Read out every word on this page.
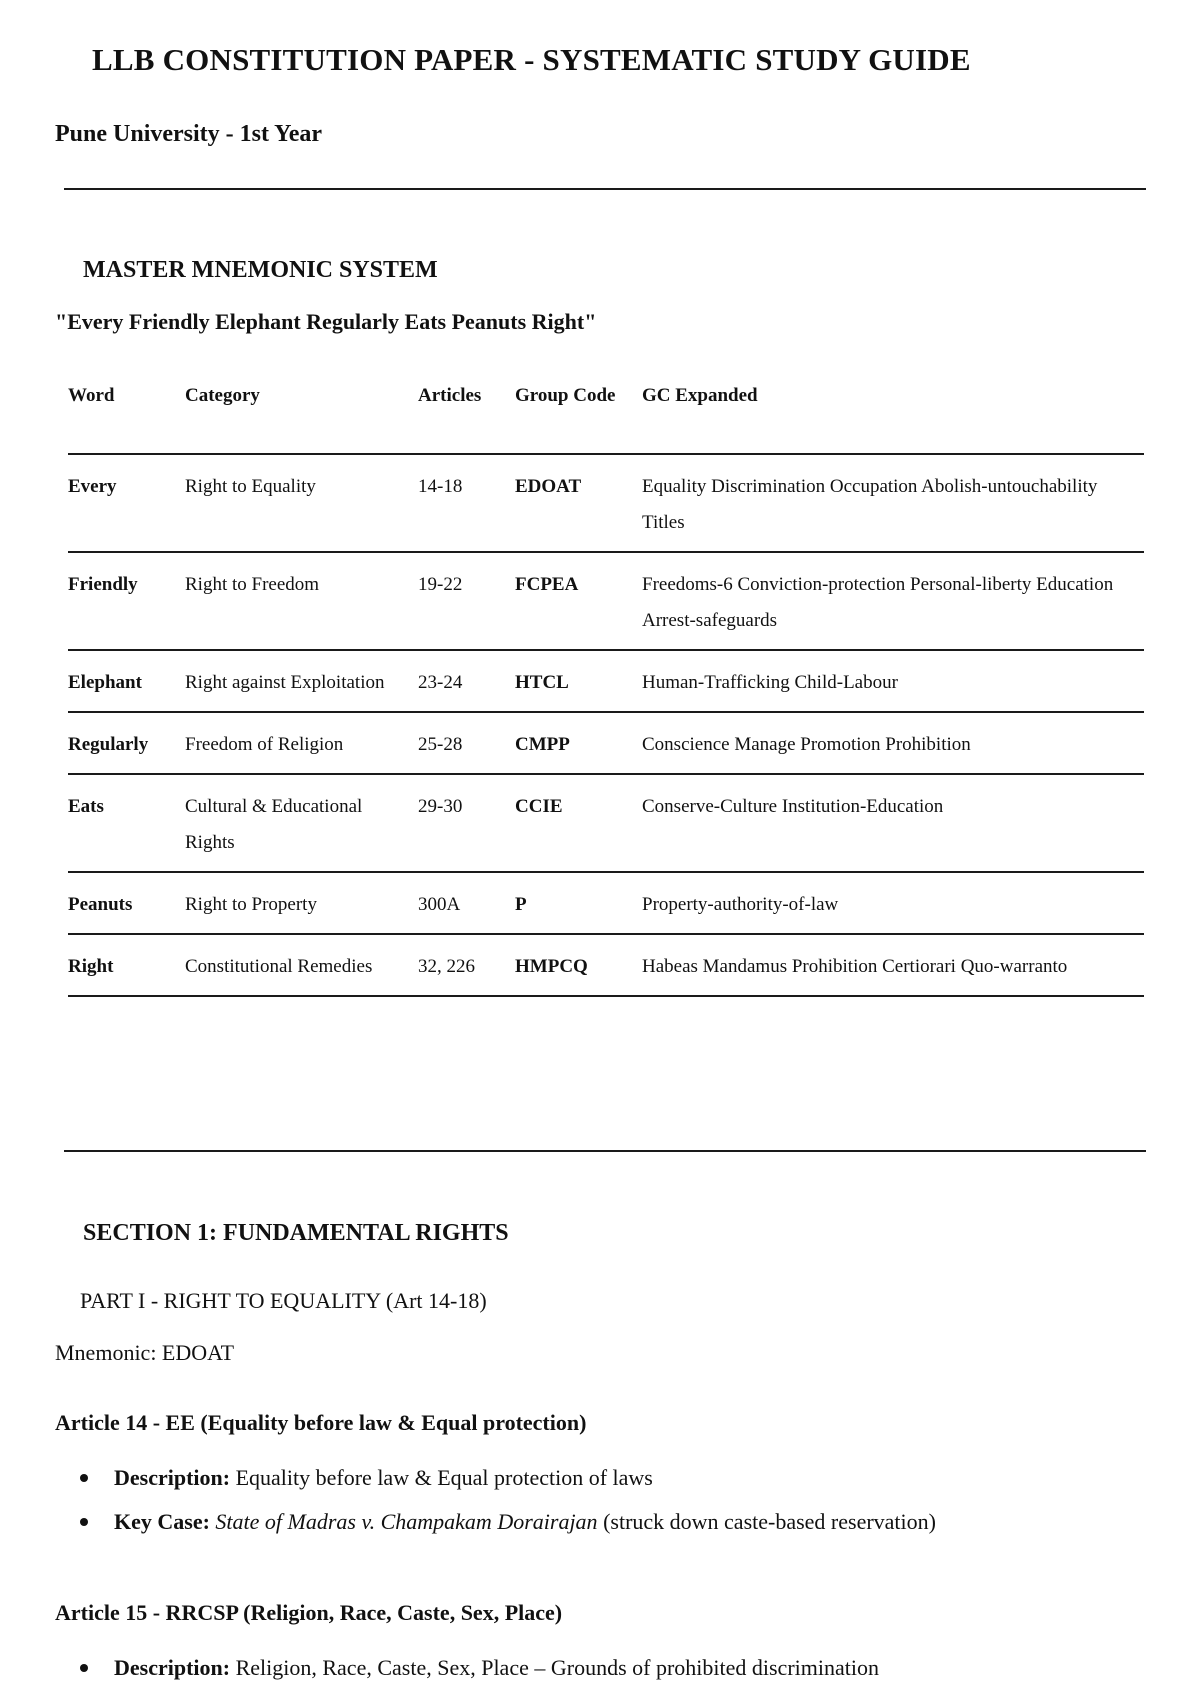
LLB CONSTITUTION PAPER - SYSTEMATIC STUDY GUIDE
Pune University - 1st Year
MASTER MNEMONIC SYSTEM
"Every Friendly Elephant Regularly Eats Peanuts Right"
Word	Category	Articles	Group Code	GC Expanded
Every	Right to Equality	14-18	EDOAT	Equality Discrimination Occupation Abolish-untouchability Titles
Friendly	Right to Freedom	19-22	FCPEA	Freedoms-6 Conviction-protection Personal-liberty Education Arrest-safeguards
Elephant	Right against Exploitation	23-24	HTCL	Human-Trafficking Child-Labour
Regularly	Freedom of Religion	25-28	CMPP	Conscience Manage Promotion Prohibition
Eats	Cultural & Educational Rights	29-30	CCIE	Conserve-Culture Institution-Education
Peanuts	Right to Property	300A	P	Property-authority-of-law
Right	Constitutional Remedies	32, 226	HMPCQ	Habeas Mandamus Prohibition Certiorari Quo-warranto
SECTION 1: FUNDAMENTAL RIGHTS
PART I - RIGHT TO EQUALITY (Art 14-18)
Mnemonic: EDOAT
Article 14 - EE (Equality before law & Equal protection)
Description: Equality before law & Equal protection of laws
Key Case: State of Madras v. Champakam Dorairajan (struck down caste-based reservation)
Article 15 - RRCSP (Religion, Race, Caste, Sex, Place)
Description: Religion, Race, Caste, Sex, Place – Grounds of prohibited discrimination
